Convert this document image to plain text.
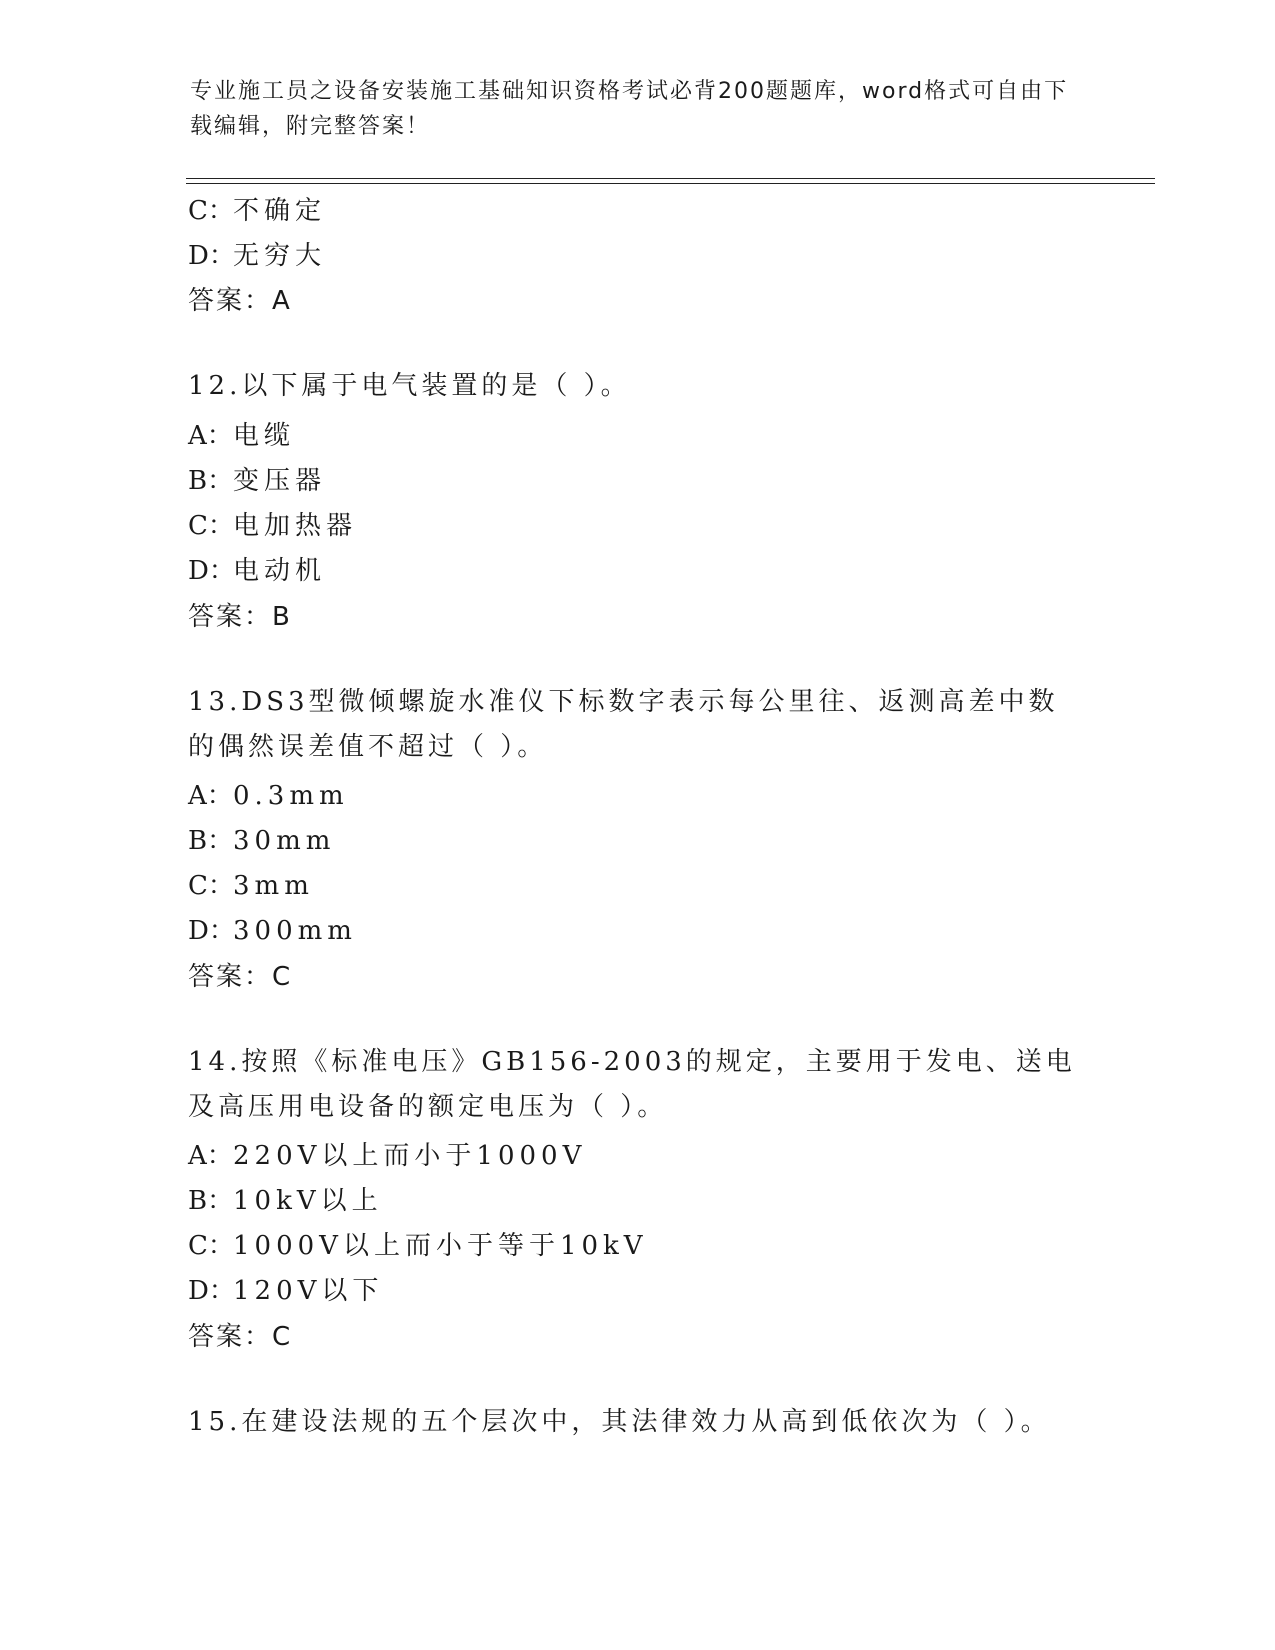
专业施工员之设备安装施工基础知识资格考试必背200题题库，word格式可自由下载编辑，附完整答案！
C：不确定
D：无穷大
答案：A
12.以下属于电气装置的是（ ）。
A：电缆
B：变压器
C：电加热器
D：电动机
答案：B
13.DS3型微倾螺旋水准仪下标数字表示每公里往、返测高差中数的偶然误差值不超过（ ）。
A：0.3mm
B：30mm
C：3mm
D：300mm
答案：C
14.按照《标准电压》GB156-2003的规定，主要用于发电、送电及高压用电设备的额定电压为（ ）。
A：220V以上而小于1000V
B：10kV以上
C：1000V以上而小于等于10kV
D：120V以下
答案：C
15.在建设法规的五个层次中，其法律效力从高到低依次为（ ）。
